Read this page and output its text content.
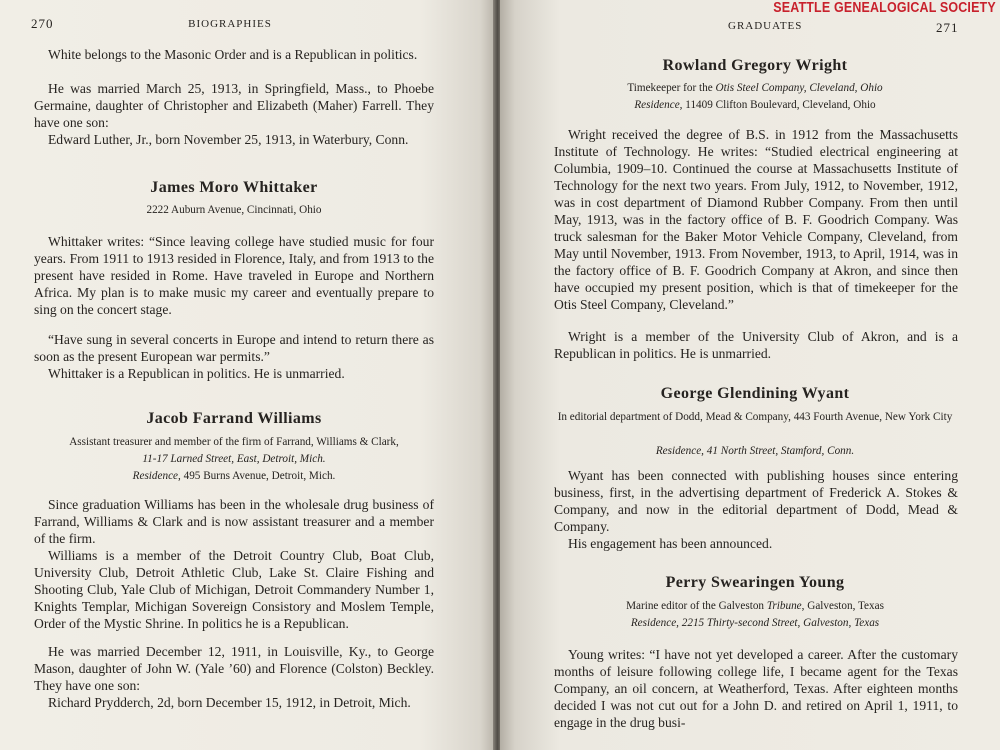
270	BIOGRAPHIES

White belongs to the Masonic Order and is a Republican in politics.

He was married March 25, 1913, in Springfield, Mass., to Phoebe Germaine, daughter of Christopher and Elizabeth (Maher) Farrell. They have one son:

Edward Luther, Jr., born November 25, 1913, in Waterbury, Conn.

James Moro Whittaker

2222 Auburn Avenue, Cincinnati, Ohio

Whittaker writes: “Since leaving college have studied music for four years. From 1911 to 1913 resided in Florence, Italy, and from 1913 to the present have resided in Rome. Have traveled in Europe and Northern Africa. My plan is to make music my career and eventually prepare to sing on the concert stage.

“Have sung in several concerts in Europe and intend to return there as soon as the present European war permits.”

Whittaker is a Republican in politics. He is unmarried.

Jacob Farrand Williams
Assistant treasurer and member of the firm of Farrand, Williams & Clark,
11-17 Larned Street, East, Detroit, Mich.
Residence, 495 Burns Avenue, Detroit, Mich.

Since graduation Williams has been in the wholesale drug business of Farrand, Williams & Clark and is now assistant treasurer and a member of the firm.

Williams is a member of the Detroit Country Club, Boat Club, University Club, Detroit Athletic Club, Lake St. Claire Fishing and Shooting Club, Yale Club of Michigan, Detroit Commandery Number 1, Knights Templar, Michigan Sovereign Consistory and Moslem Temple, Order of the Mystic Shrine. In politics he is a Republican.

He was married December 12, 1911, in Louisville, Ky., to George Mason, daughter of John W. (Yale ’60) and Florence (Colston) Beckley. They have one son:

Richard Prydderch, 2d, born December 15, 1912, in Detroit, Mich.

GRADUATES	271
SEATTLE GENEALOGICAL SOCIETY
Rowland Gregory Wright
Timekeeper for the Otis Steel Company, Cleveland, Ohio
Residence, 11409 Clifton Boulevard, Cleveland, Ohio

Wright received the degree of B.S. in 1912 from the Massachusetts Institute of Technology. He writes: “Studied electrical engineering at Columbia, 1909–10. Continued the course at Massachusetts Institute of Technology for the next two years. From July, 1912, to November, 1912, was in cost department of Diamond Rubber Company. From then until May, 1913, was in the factory office of B. F. Goodrich Company. Was truck salesman for the Baker Motor Vehicle Company, Cleveland, from May until November, 1913. From November, 1913, to April, 1914, was in the factory office of B. F. Goodrich Company at Akron, and since then have occupied my present position, which is that of timekeeper for the Otis Steel Company, Cleveland.”

Wright is a member of the University Club of Akron, and is a Republican in politics. He is unmarried.

George Glendining Wyant

In editorial department of Dodd, Mead & Company, 443 Fourth Avenue, New York City

Residence, 41 North Street, Stamford, Conn.

Wyant has been connected with publishing houses since entering business, first, in the advertising department of Frederick A. Stokes & Company, and now in the editorial department of Dodd, Mead & Company.

His engagement has been announced.

Perry Swearingen Young

Marine editor of the Galveston Tribune, Galveston, Texas

Residence, 2215 Thirty-second Street, Galveston, Texas

Young writes: “I have not yet developed a career. After the customary months of leisure following college life, I became agent for the Texas Company, an oil concern, at Weatherford, Texas. After eighteen months decided I was not cut out for a John D. and retired on April 1, 1911, to engage in the drug busi-
